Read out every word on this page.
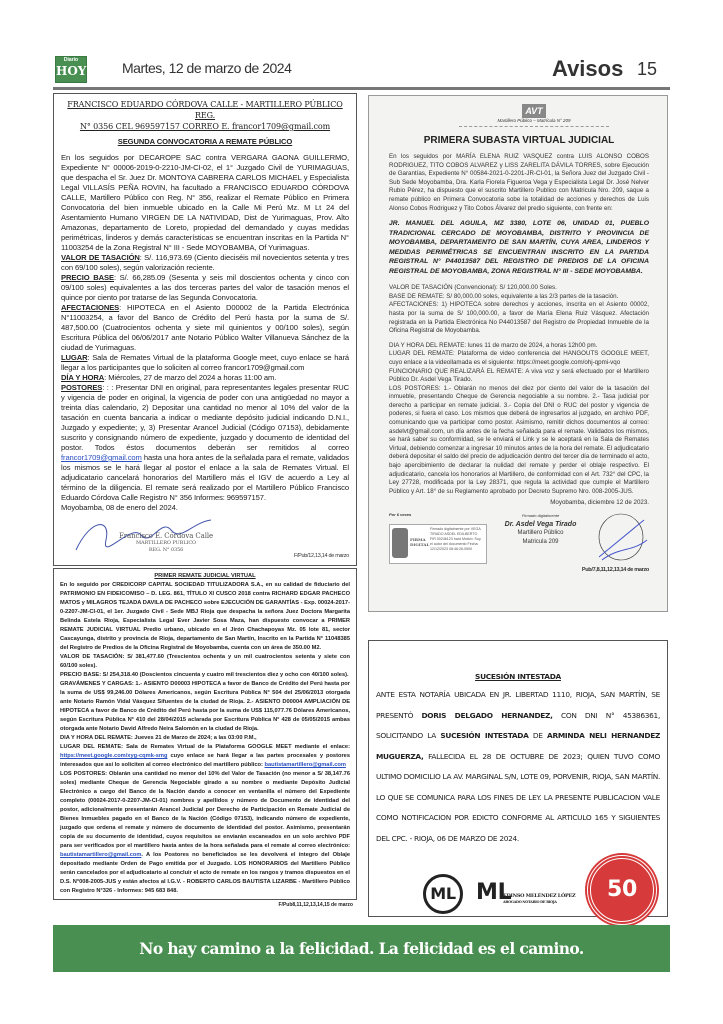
Diario
HOY	Martes, 12 de marzo de 2024	Avisos 15
FRANCISCO EDUARDO CÓRDOVA CALLE - MARTILLERO PÚBLICO REG.
N° 0356 CEL 969597157 CORREO E. francor1709@gmail.com
SEGUNDA CONVOCATORIA A REMATE PÚBLICO

En los seguidos por DECAROPE SAC contra VERGARA GAONA GUILLERMO, Expediente N° 00006-2019-0-2210-JM-CI-02, el 1° Juzgado Civil de YURIMAGUAS, que despacha el Sr. Juez Dr. MONTOYA CABRERA CARLOS MICHAEL y Especialista Legal VILLASÍS PEÑA ROVIN, ha facultado a FRANCISCO EDUARDO CÓRDOVA CALLE, Martillero Público con Reg. N° 356, realizar el Remate Público en Primera Convocatoria del bien inmueble ubicado en la Calle Mi Perú Mz. M Lt 24 del Asentamiento Humano VIRGEN DE LA NATIVIDAD, Dist de Yurimaguas, Prov. Alto Amazonas, departamento de Loreto, propiedad del demandado y cuyas medidas perimétricas, linderos y demás características se encuentran inscritas en la Partida N° 11003254 de la Zona Registral N° III - Sede MOYOBAMBA, Of Yurimaguas.

VALOR DE TASACIÓN: S/. 116,973.69 (Ciento dieciséis mil novecientos setenta y tres con 69/100 soles), según valorización reciente.

PRECIO BASE: S/. 66,285.09 (Sesenta y seis mil doscientos ochenta y cinco con 09/100 soles) equivalentes a las dos terceras partes del valor de tasación menos el quince por ciento por tratarse de las Segunda Convocatoria.

AFECTACIONES: HIPOTECA en el Asiento D00002 de la Partida Electrónica N°11003254, a favor del Banco de Crédito del Perú hasta por la suma de S/. 487,500.00 (Cuatrocientos ochenta y siete mil quinientos y 00/100 soles), según Escritura Pública del 06/06/2017 ante Notario Público Walter Villanueva Sánchez de la ciudad de Yurimaguas.

LUGAR: Sala de Remates Virtual de la plataforma Google meet, cuyo enlace se hará llegar a los participantes que lo soliciten al correo francor1709@gmail.com

DÍA Y HORA: Miércoles, 27 de marzo del 2024 a horas 11:00 am.

POSTORES: : : Presentar DNI en original, para representantes legales presentar RUC y vigencia de poder en original, la vigencia de poder con una antigüedad no mayor a treinta días calendario, 2) Depositar una cantidad no menor al 10% del valor de la tasación en cuenta bancaria a indicar o mediante depósito judicial indicando D.N.I., Juzgado y expediente; y, 3) Presentar Arancel Judicial (Código 07153), debidamente suscrito y consignando número de expediente, juzgado y documento de identidad del postor. Todos éstos documentos deberán ser remitidos al correo francor1709@gmail.com hasta una hora antes de la señalada para el remate, validados los mismos se le hará llegar al postor el enlace a la sala de Remates Virtual. El adjudicatario cancelará honorarios del Martillero más el IGV de acuerdo a Ley al término de la diligencia. El remate será realizado por el Martillero Público Francisco Eduardo Córdova Calle Registro N° 356 Informes: 969597157.

Moyobamba, 08 de enero del 2024.

Francisco E. Córdova Calle
MARTILLERO PUBLICO
REG. N° 0356
F/Pub/12,13,14 de marzo
PRIMER REMATE JUDICIAL VIRTUAL

En lo seguido por CREDICORP CAPITAL SOCIEDAD TITULIZADORA S.A., en su calidad de fiduciario del PATRIMONIO EN FIDEICOMISO – D. LEG. 861, TÍTULO XI CUSCO 2018 contra RICHARD EDGAR PACHECO MATOS y MILAGROS TEJADA DAVILA DE PACHECO sobre EJECUCIÓN DE GARANTÍAS - Exp. 00024-2017-0-2207-JM-CI-01, el 1er. Juzgado Civil - Sede MBJ Rioja que despacha la señora Juez Doctora Margarita Belinda Estela Rioja, Especialista Legal Ever Javier Sosa Maza, han dispuesto convocar a PRIMER REMATE JUDICIAL VIRTUAL Predio urbano, ubicado en el Jirón Chachapoyas Mz. 05 lote 81, sector Cascayunga, distrito y provincia de Rioja, departamento de San Martín, Inscrito en la Partida N° 11048385 del Registro de Predios de la Oficina Registral de Moyobamba, cuenta con un área de 350.00 M2.

VALOR DE TASACIÓN: S/ 381,477.60 (Trescientos ochenta y un mil cuatrocientos setenta y siete con 60/100 soles).

PRECIO BASE: S/ 254,318.40 (Doscientos cincuenta y cuatro mil trescientos diez y ocho con 40/100 soles).

GRAVÁMENES Y CARGAS: 1.- ASIENTO D00003 HIPOTECA a favor de Banco de Crédito del Perú hasta por la suma de US$ 99,246.00 Dólares Americanos, según Escritura Pública N° 504 del 25/06/2013 otorgada ante Notario Ramón Vidal Vásquez Sifuentes de la ciudad de Rioja. 2.- ASIENTO D00004 AMPLIACIÓN DE HIPOTECA a favor de Banco de Crédito del Perú hasta por la suma de US$ 115,077.76 Dólares Americanos, según Escritura Pública N° 410 del 28/04/2015 aclarada por Escritura Pública N° 428 de 05/05/2015 ambas otorgada ante Notario David Alfredo Neira Salomón en la ciudad de Rioja.

DIA Y HORA DEL REMATE: Jueves 21 de Marzo de 2024; a las 03:00 P.M.,

LUGAR DEL REMATE: Sala de Remates Virtual de la Plataforma GOOGLE MEET mediante el enlace: https://meet.google.com/xyg-cqmk-smg cuyo enlace se hará llegar a las partes procesales y postores interesados que así lo soliciten al correo electrónico del martillero público: bautistamartillero@gmail.com

LOS POSTORES: Oblarán una cantidad no menor del 10% del Valor de Tasación (no menor a S/ 38,147.76 soles) mediante Cheque de Gerencia Negociable girado a su nombre o mediante Depósito Judicial Electrónico a cargo del Banco de la Nación dando a conocer en ventanilla el número del Expediente completo (00024-2017-0-2207-JM-CI-01) nombres y apellidos y número de Documento de identidad del postor, adicionalmente presentarán Arancel Judicial por Derecho de Participación en Remate Judicial de Bienes Inmuebles pagado en el Banco de la Nación (Código 07153), indicando número de expediente, juzgado que ordena el remate y número de documento de identidad del postor. Asimismo, presentarán copia de su documento de identidad, cuyos requisitos se enviarán escaneados en un solo archivo PDF para ser verificados por el martillero hasta antes de la hora señalada para el remate al correo electrónico: bautistamartillero@gmail.com. A los Postores no beneficiados se les devolverá el íntegro del Oblaje depositado mediante Orden de Pago emitida por el Juzgado. LOS HONORARIOS del Martillero Público serán cancelados por el adjudicatario al concluir el acto de remate en los rangos y tramos dispuestos en el D.S. N°008-2005-JUS y están afectos al I.G.V. - ROBERTO CARLOS BAUTISTA LIZARBE - Martillero Público con Registro N°326 - Informes: 945 683 848.

F/Pub8,11,12,13,14,15 de marzo
AVT
Martillero Público – Matrícula N° 209
PRIMERA SUBASTA VIRTUAL JUDICIAL

En los seguidos por MARÍA ELENA RUIZ VASQUEZ contra LUIS ALONSO COBOS RODRIGUEZ, TITO COBOS ALVAREZ y LISS ZARELITA DÁVILA TORRES, sobre Ejecución de Garantías, Expediente N° 00584-2021-0-2201-JR-CI-01, la Señora Juez del Juzgado Civil - Sub Sede Moyobamba, Dra. Karla Fiorela Figueroa Vega y Especialista Legal Dr. José Nelver Rubio Pérez, ha dispuesto que el suscrito Martillero Publico con Matricula Nro. 209, saque a remate público en Primera Convocatoria sobe la totalidad de acciones y derechos de Luis Alonso Cobos Rodriguez y Tito Cobos Álvarez del predio siguiente, con frente en:

JR. MANUEL DEL AGUILA, MZ 3380, LOTE 06, UNIDAD 01, PUEBLO TRADICIONAL CERCADO DE MOYOBAMBA, DISTRITO Y PROVINCIA DE MOYOBAMBA, DEPARTAMENTO DE SAN MARTÍN, CUYA AREA, LINDEROS Y MEDIDAS PERIMÉTRICAS SE ENCUENTRAN INSCRITO EN LA PARTIDA REGISTRAL N° P44013587 DEL REGISTRO DE PREDIOS DE LA OFICINA REGISTRAL DE MOYOBAMBA, ZONA REGISTRAL N° III - SEDE MOYOBAMBA.

VALOR DE TASACIÓN (Convencional): S/ 120,000.00 Soles.

BASE DE REMATE: S/ 80,000.00 soles, equivalente a las 2/3 partes de la tasación.

AFECTACIONES: 1) HIPOTECA sobre derechos y acciones, inscrita en el Asiento 00002, hasta por la suma de S/ 100,000.00, a favor de María Elena Ruiz Vásquez. Afectación registrada en la Partida Electrónica No P44013587 del Registro de Propiedad Inmueble de la Oficina Registral de Moyobamba.

DIA Y HORA DEL REMATE: lunes 11 de marzo de 2024, a horas 12h00 pm.

LUGAR DEL REMATE: Plataforma de video conferencia del HANGOUTS GOOGLE MEET, cuyo enlace a la videollamada es el siguiente: https://meet.google.com/ohj-qpmi-vqo

FUNCIONARIO QUE REALIZARÁ EL REMATE: A viva voz y será efectuado por el Martillero Público Dr. Asdel Vega Tirado.

LOS POSTORES: 1.- Oblarán no menos del diez por ciento del valor de la tasación del inmueble, presentando Cheque de Gerencia negociable a su nombre. 2.- Tasa judicial por derecho a participar en remate judicial. 3.- Copia del DNI o RUC del postor y vigencia de poderes, si fuera el caso. Los mismos que deberá de ingresarlos al juzgado, en archivo PDF, comunicando que va participar como postor. Asimismo, remitir dichos documentos al correo: asdelvt@gmail.com, un día antes de la fecha señalada para el remate. Validados los mismos, se hará saber su conformidad, se le enviará el Link y se le aceptará en la Sala de Remates Virtual, debiendo comenzar a ingresar 10 minutos antes de la hora del remate. El adjudicatario deberá depositar el saldo del precio de adjudicación dentro del tercer día de terminado el acto, bajo apercibimiento de declarar la nulidad del remate y perder el oblaje respectivo. El adjudicatario, cancela los honorarios al Martillero, de conformidad con el Art. 732° del CPC, la Ley 27728, modificada por la Ley 28371, que regula la actividad que cumple el Martillero Público y Art. 18° de su Reglamento aprobado por Decreto Supremo Nro. 008-2005-JUS.

Moyobamba, diciembre 12 de 2023.

Por 6 veces
FIRMA DIGITAL
Firmado digitalmente por VEGA TIRADO ASDEL EDILBERTO FIR 00246123 hard Motivo: Soy el autor del documento Fecha: 12/12/2023 08:46:26-0500
Firmado digitalmente
Dr. Asdel Vega Tirado
Martillero Público
Matricula 209
Pub/7,8,11,12,13,14 de marzo
SUCESIÓN INTESTADA

ANTE ESTA NOTARÍA UBICADA EN JR. LIBERTAD 1110, RIOJA, SAN MARTÍN, SE PRESENTÓ DORIS DELGADO HERNANDEZ, CON DNI N° 45386361, SOLICITANDO LA SUCESIÓN INTESTADA DE ARMINDA NELI HERNANDEZ MUGUERZA, FALLECIDA EL 28 DE OCTUBRE DE 2023; QUIEN TUVO COMO ULTIMO DOMICILIO LA AV. MARGINAL S/N, LOTE 09, PORVENIR, RIOJA, SAN MARTÍN. LO QUE SE COMUNICA PARA LOS FINES DE LEY. LA PRESENTE PUBLICACION VALE COMO NOTIFICACION POR EDICTO CONFORME AL ARTICULO 165 Y SIGUIENTES DEL CPC. - RIOJA, 06 DE MARZO DE 2024.

ML ML
EDINSO MELÉNDEZ LÓPEZ
ABOGADO NOTARIO DE RIOJA	50
No hay camino a la felicidad. La felicidad es el camino.
